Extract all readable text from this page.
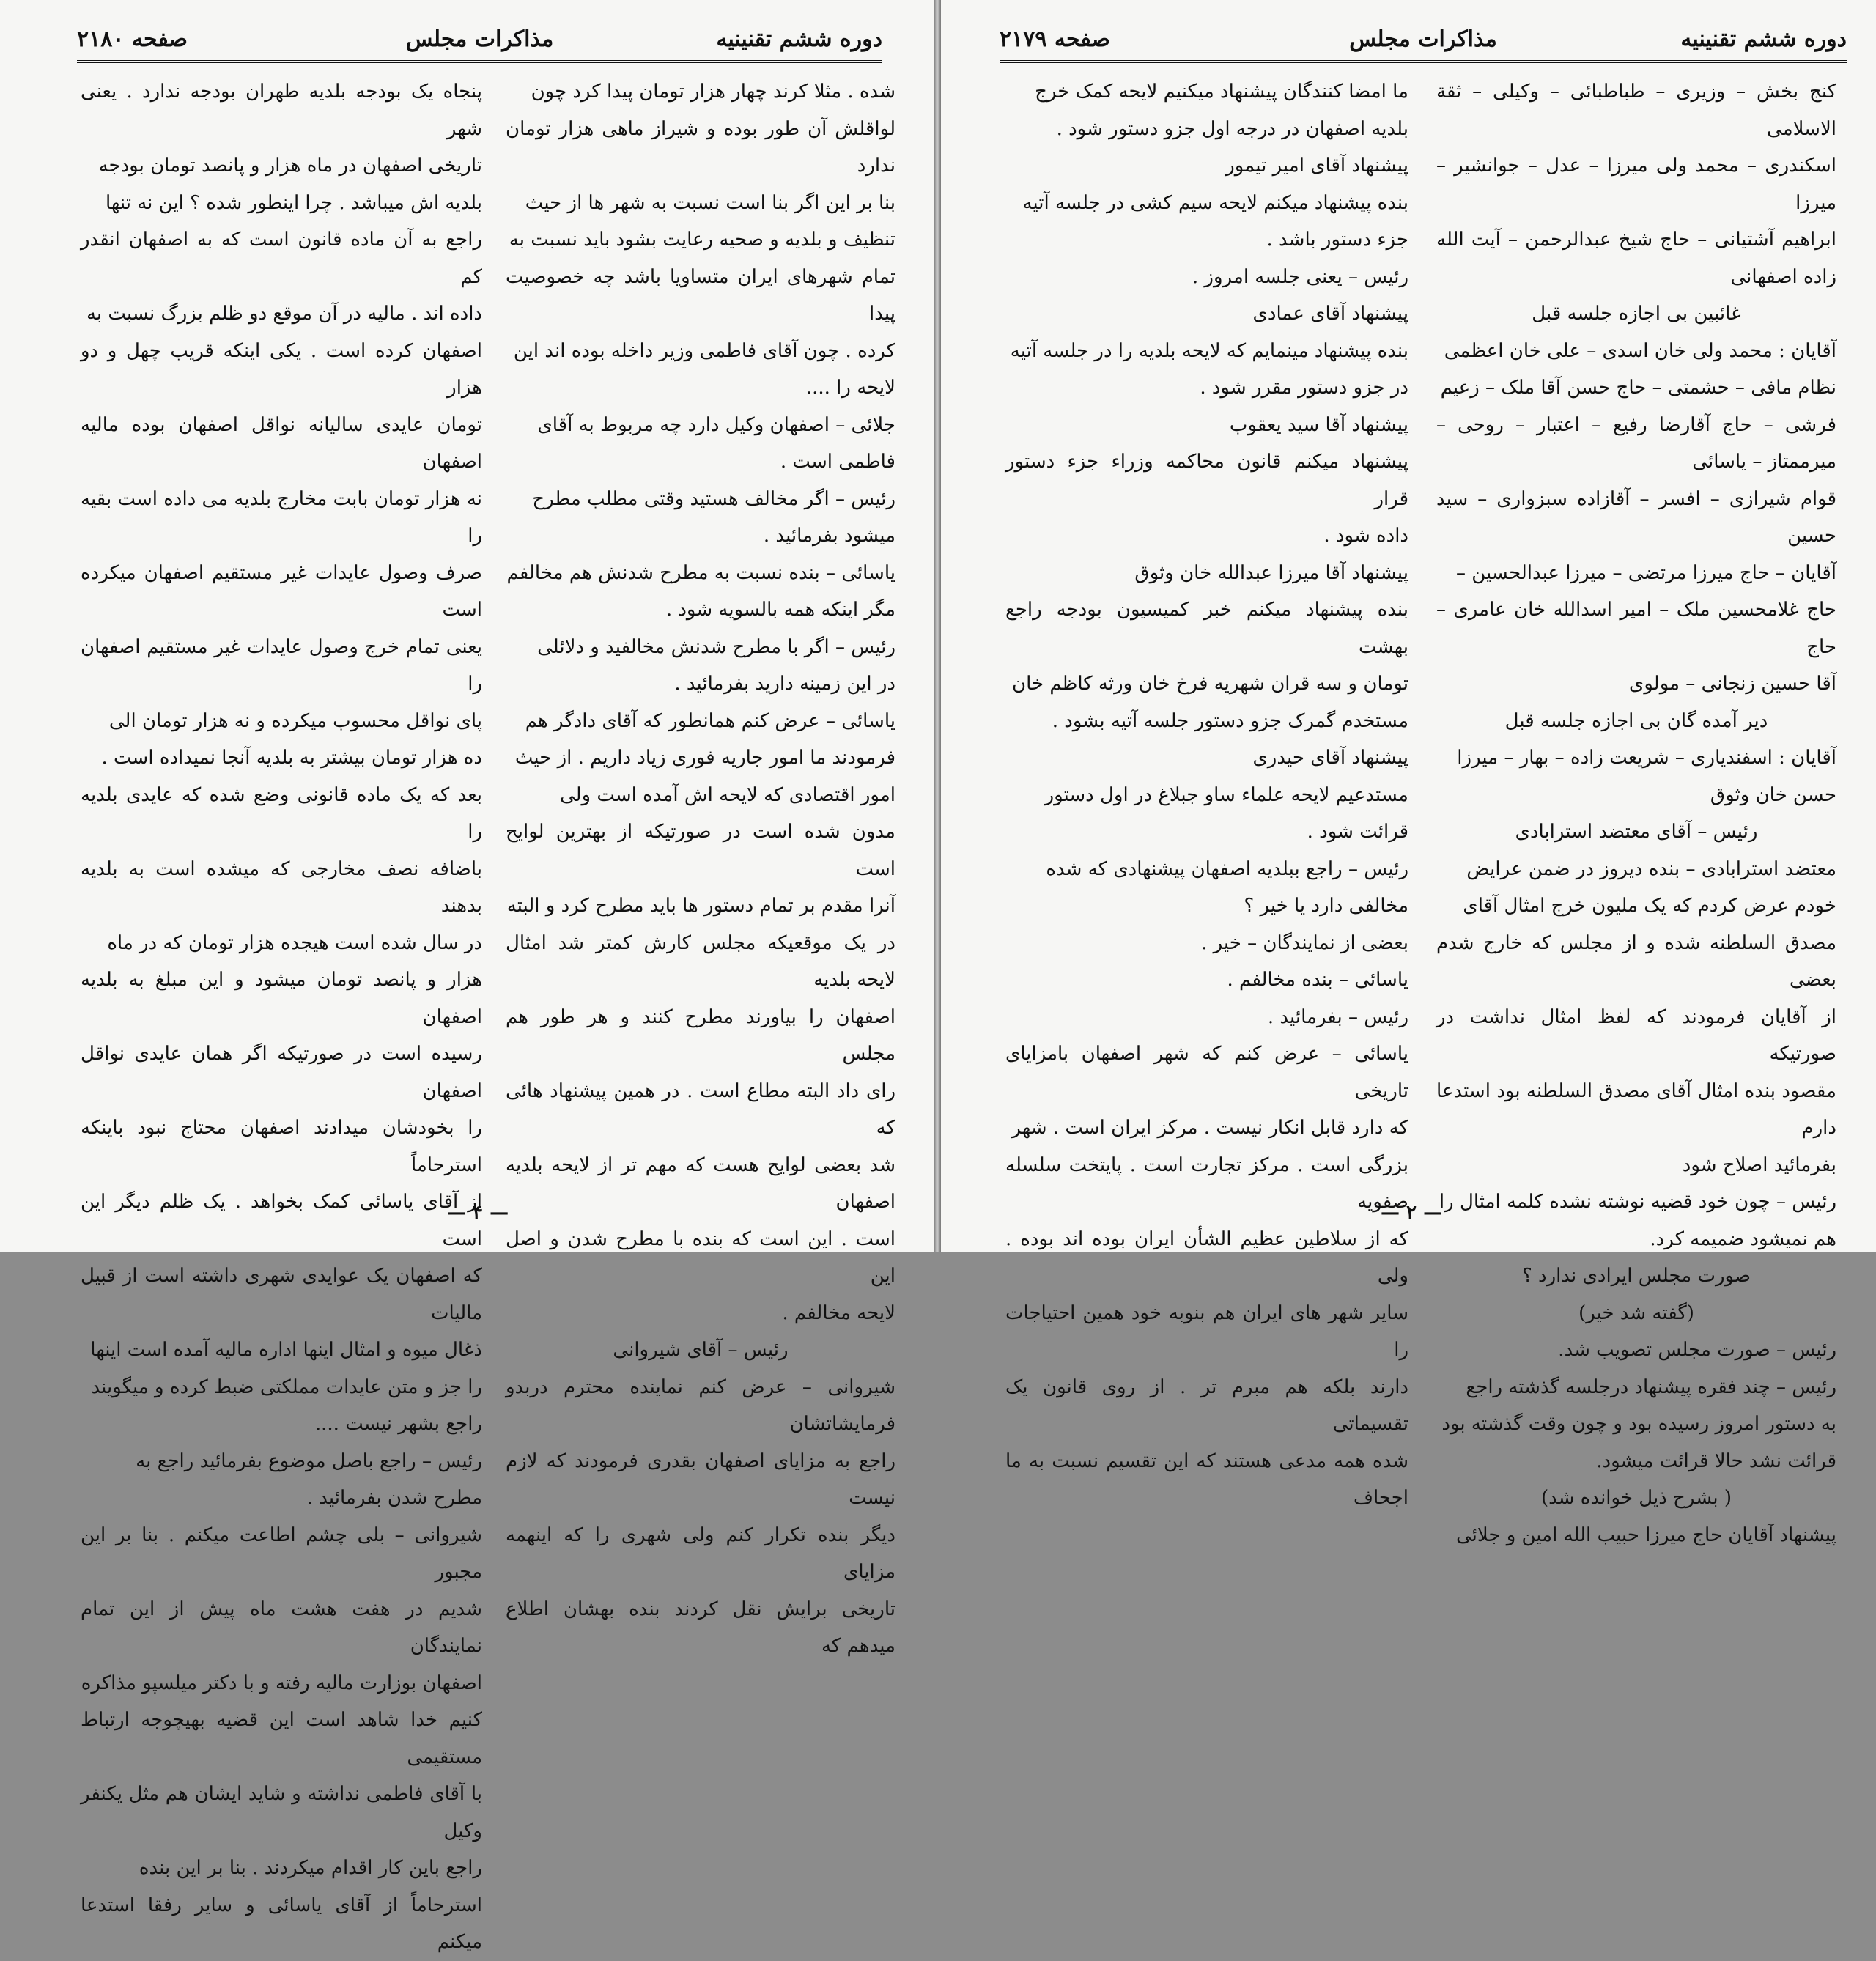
دوره ششم تقنینیه
مذاکرات مجلس
صفحه ۲۱۸۰

شده . مثلا کرند چهار هزار تومان پیدا کرد چون

لواقلش آن طور بوده و شیراز ماهی هزار تومان ندارد

بنا بر این اگر بنا است نسبت به شهر ها از حیث

تنظیف و بلدیه و صحیه رعایت بشود باید نسبت به

تمام شهرهای ایران متساویا باشد چه خصوصیت پیدا

کرده . چون آقای فاطمی وزیر داخله بوده اند این

لایحه را ....

جلائی – اصفهان وکیل دارد چه مربوط به آقای

فاطمی است .

رئیس – اگر مخالف هستید وقتی مطلب مطرح

میشود بفرمائید .

یاسائی – بنده نسبت به مطرح شدنش هم مخالفم

مگر اینکه همه بالسویه شود .

رئیس – اگر با مطرح شدنش مخالفید و دلائلی

در این زمینه دارید بفرمائید .

یاسائی – عرض کنم همانطور که آقای دادگر هم

فرمودند ما امور جاریه فوری زیاد داریم . از حیث

امور اقتصادی که لایحه اش آمده است ولی

مدون شده است در صورتیکه از بهترین لوایح است

آنرا مقدم بر تمام دستور ها باید مطرح کرد و البته

در یک موقعیکه مجلس کارش کمتر شد امثال لایحه بلدیه

اصفهان را بیاورند مطرح کنند و هر طور هم مجلس

رای داد البته مطاع است . در همین پیشنهاد هائی که

شد بعضی لوایح هست که مهم تر از لایحه بلدیه اصفهان

است . این است که بنده با مطرح شدن و اصل این

لایحه مخالفم .

رئیس – آقای شیروانی

شیروانی – عرض کنم نماینده محترم دربدو فرمایشاتشان

راجع به مزایای اصفهان بقدری فرمودند که لازم نیست

دیگر بنده تکرار کنم ولی شهری را که اینهمه مزایای

تاریخی برایش نقل کردند بنده بهشان اطلاع میدهم که

پنجاه یک بودجه بلدیه طهران بودجه ندارد . یعنی شهر

تاریخی اصفهان در ماه هزار و پانصد تومان بودجه

بلدیه اش میباشد . چرا اینطور شده ؟ این نه تنها

راجع به آن ماده قانون است که به اصفهان انقدر کم

داده اند . مالیه در آن موقع دو ظلم بزرگ نسبت به

اصفهان کرده است . یکی اینکه قریب چهل و دو هزار

تومان عایدی سالیانه نواقل اصفهان بوده مالیه اصفهان

نه هزار تومان بابت مخارج بلدیه می داده است بقیه را

صرف وصول عایدات غیر مستقیم اصفهان میکرده است

یعنی تمام خرج وصول عایدات غیر مستقیم اصفهان را

پای نواقل محسوب میکرده و نه هزار تومان الی

ده هزار تومان بیشتر به بلدیه آنجا نمیداده است .

بعد که یک ماده قانونی وضع شده که عایدی بلدیه را

باضافه نصف مخارجی که میشده است به بلدیه بدهند

در سال شده است هیجده هزار تومان که در ماه

هزار و پانصد تومان میشود و این مبلغ به بلدیه اصفهان

رسیده است در صورتیکه اگر همان عایدی نواقل اصفهان

را بخودشان میدادند اصفهان محتاج نبود باینکه استرحاماً

از آقای یاسائی کمک بخواهد . یک ظلم دیگر این است

که اصفهان یک عوایدی شهری داشته است از قبیل مالیات

ذغال میوه و امثال اینها اداره مالیه آمده است اینها

را جز و متن عایدات مملکتی ضبط کرده و میگویند

راجع بشهر نیست ....

رئیس – راجع باصل موضوع بفرمائید راجع به

مطرح شدن بفرمائید .

شیروانی – بلی چشم اطاعت میکنم . بنا بر این مجبور

شدیم در هفت هشت ماه پیش از این تمام نمایندگان

اصفهان بوزارت مالیه رفته و با دکتر میلسپو مذاکره

کنیم خدا شاهد است این قضیه بهیچوجه ارتباط مستقیمی

با آقای فاطمی نداشته و شاید ایشان هم مثل یکنفر وکیل

راجع باین کار اقدام میکردند . بنا بر این بنده

استرحاماً از آقای یاسائی و سایر رفقا استدعا میکنم

— ۴ —
دوره ششم تقنینیه
مذاکرات مجلس
صفحه ۲۱۷۹

کنج بخش – وزیری – طباطبائی – وکیلی – ثقة الاسلامی

اسکندری – محمد ولی میرزا – عدل – جوانشیر – میرزا

ابراهیم آشتیانی – حاج شیخ عبدالرحمن – آیت الله زاده اصفهانی

غائبین بی اجازه جلسه قبل

آقایان : محمد ولی خان اسدی – علی خان اعظمی

نظام مافی – حشمتی – حاج حسن آقا ملک – زعیم

فرشی – حاج آقارضا رفیع – اعتبار – روحی – میرممتاز – یاسائی

قوام شیرازی – افسر – آقازاده سبزواری – سید حسین

آقایان – حاج میرزا مرتضی – میرزا عبدالحسین –

حاج غلامحسین ملک – امیر اسدالله خان عامری – حاج

آقا حسین زنجانی – مولوی

دیر آمده گان بی اجازه جلسه قبل

آقایان : اسفندیاری – شریعت زاده – بهار – میرزا

حسن خان وثوق

رئیس – آقای معتضد استرابادی

معتضد استرابادی – بنده دیروز در ضمن عرایض

خودم عرض کردم که یک ملیون خرج امثال آقای

مصدق السلطنه شده و از مجلس که خارج شدم بعضی

از آقایان فرمودند که لفظ امثال نداشت در صورتیکه

مقصود بنده امثال آقای مصدق السلطنه بود استدعا دارم

بفرمائید اصلاح شود

رئیس – چون خود قضیه نوشته نشده کلمه امثال را

هم نمیشود ضمیمه کرد.

صورت مجلس ایرادی ندارد ؟

(گفته شد خیر)

رئیس – صورت مجلس تصویب شد.

رئیس – چند فقره پیشنهاد درجلسه گذشته راجع

به دستور امروز رسیده بود و چون وقت گذشته بود

قرائت نشد حالا قرائت میشود.

( بشرح ذیل خوانده شد)

پیشنهاد آقایان حاج میرزا حبیب الله امین و جلائی

ما امضا کنندگان پیشنهاد میکنیم لایحه کمک خرج

بلدیه اصفهان در درجه اول جزو دستور شود .

پیشنهاد آقای امیر تیمور

بنده پیشنهاد میکنم لایحه سیم کشی در جلسه آتیه

جزء دستور باشد .

رئیس – یعنی جلسه امروز .

پیشنهاد آقای عمادی

بنده پیشنهاد مینمایم که لایحه بلدیه را در جلسه آتیه

در جزو دستور مقرر شود .

پیشنهاد آقا سید یعقوب

پیشنهاد میکنم قانون محاکمه وزراء جزء دستور قرار

داده شود .

پیشنهاد آقا میرزا عبدالله خان وثوق

بنده پیشنهاد میکنم خبر کمیسیون بودجه راجع بهشت

تومان و سه قران شهریه فرخ خان ورثه کاظم خان

مستخدم گمرک جزو دستور جلسه آتیه بشود .

پیشنهاد آقای حیدری

مستدعیم لایحه علماء ساو جبلاغ در اول دستور

قرائت شود .

رئیس – راجع ببلدیه اصفهان پیشنهادی که شده

مخالفی دارد یا خیر ؟

بعضی از نمایندگان – خیر .

یاسائی – بنده مخالفم .

رئیس – بفرمائید .

یاسائی – عرض کنم که شهر اصفهان بامزایای تاریخی

که دارد قابل انکار نیست . مرکز ایران است . شهر

بزرگی است . مرکز تجارت است . پایتخت سلسله صفویه

که از سلاطین عظیم الشأن ایران بوده اند بوده . ولی

سایر شهر های ایران هم بنوبه خود همین احتیاجات را

دارند بلکه هم مبرم تر . از روی قانون یک تقسیماتی

شده همه مدعی هستند که این تقسیم نسبت به ما اجحاف

— ۲ —
